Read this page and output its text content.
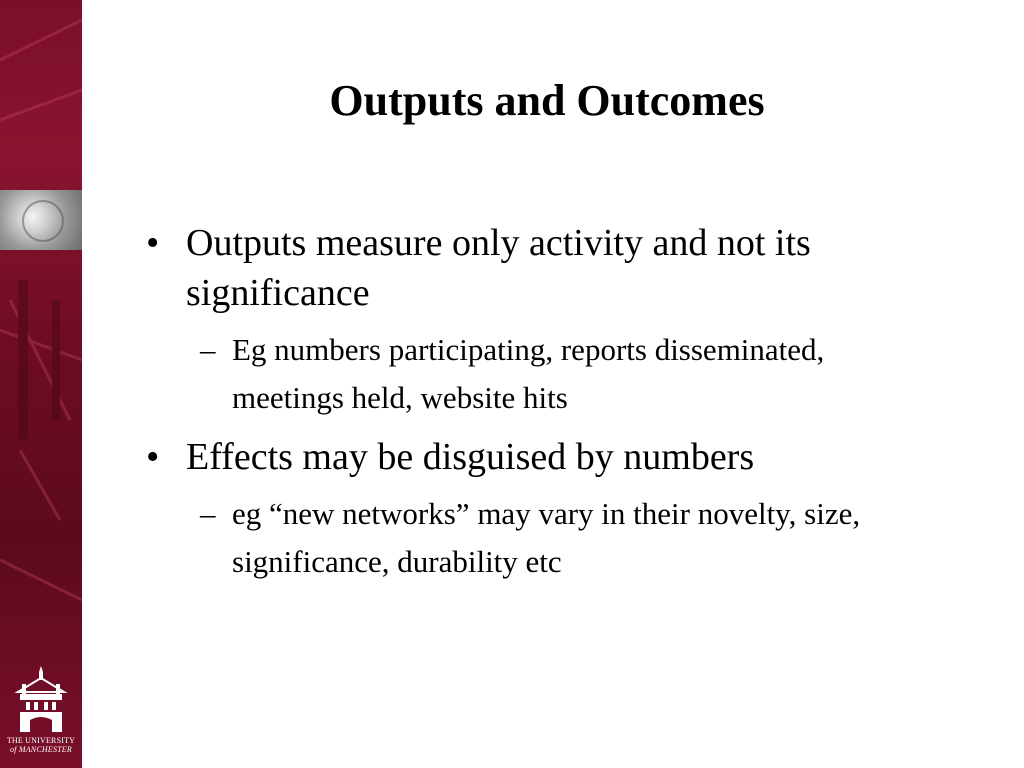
THE UNIVERSITY
of MANCHESTER
Outputs and Outcomes
• Outputs measure only activity and not its significance
– Eg numbers participating, reports disseminated, meetings held, website hits
• Effects may be disguised by numbers
– eg “new networks” may vary in their novelty, size, significance, durability etc
